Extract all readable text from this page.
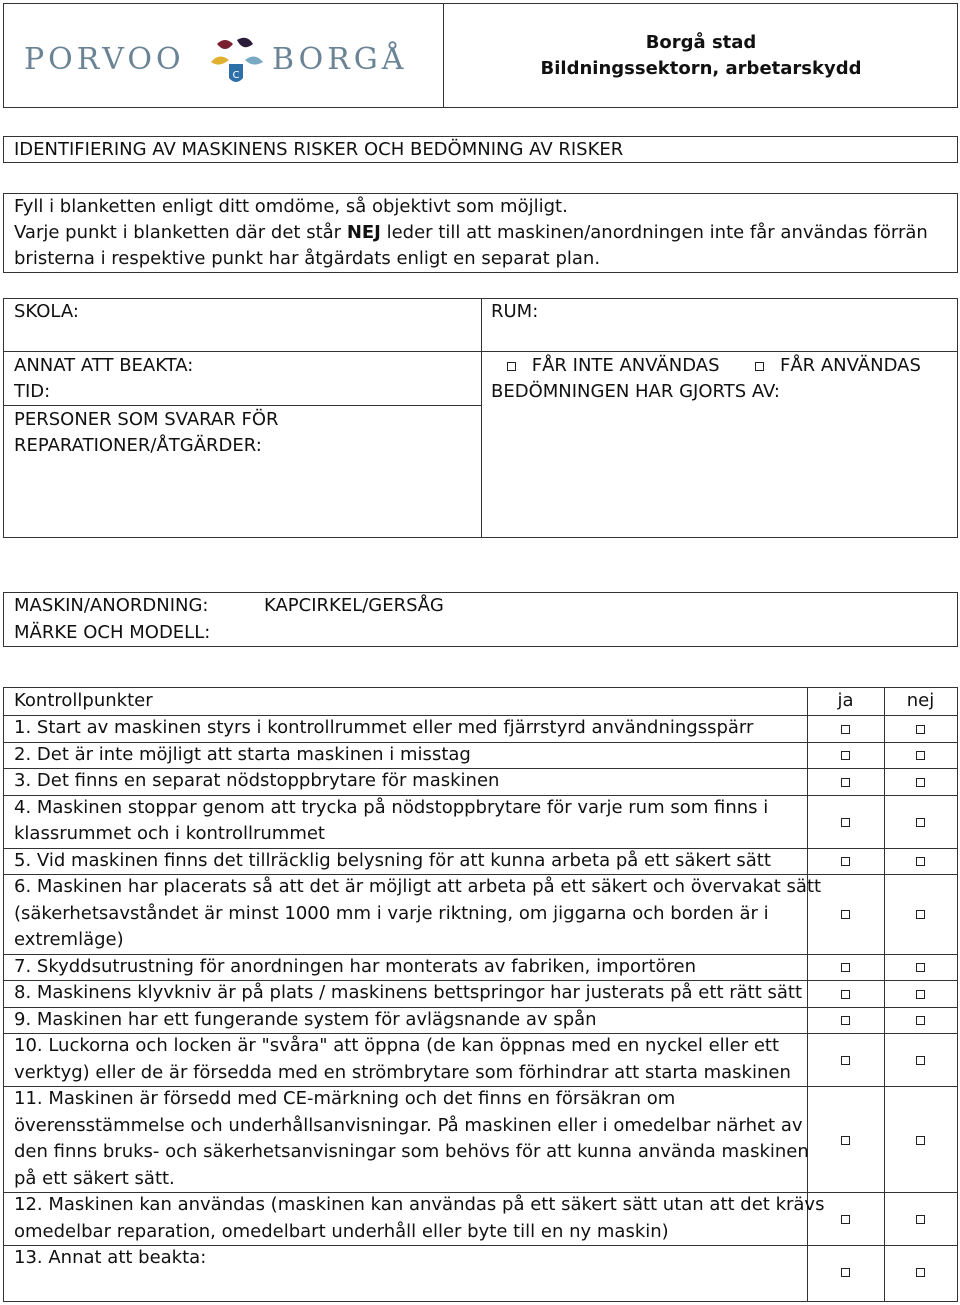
PORVOO	C BORGÅ	Borgå stad
Bildningssektorn, arbetarskydd
IDENTIFIERING AV MASKINENS RISKER OCH BEDÖMNING AV RISKER
Fyll i blanketten enligt ditt omdöme, så objektivt som möjligt.
Varje punkt i blanketten där det står NEJ leder till att maskinen/anordningen inte får användas förrän
bristerna i respektive punkt har åtgärdats enligt en separat plan.
SKOLA:	RUM:
ANNAT ATT BEAKTA:
TID:
PERSONER SOM SVARAR FÖR
REPARATIONER/ÅTGÄRDER:
FÅR INTE ANVÄNDAS	FÅR ANVÄNDAS
BEDÖMNINGEN HAR GJORTS AV:
MASKIN/ANORDNING:	KAPCIRKEL/GERSÅG
MÄRKE OCH MODELL:
Kontrollpunkter	ja	nej
1. Start av maskinen styrs i kontrollrummet eller med fjärrstyrd användningsspärr
2. Det är inte möjligt att starta maskinen i misstag
3. Det finns en separat nödstoppbrytare för maskinen
4. Maskinen stoppar genom att trycka på nödstoppbrytare för varje rum som finns i
klassrummet och i kontrollrummet
5. Vid maskinen finns det tillräcklig belysning för att kunna arbeta på ett säkert sätt
6. Maskinen har placerats så att det är möjligt att arbeta på ett säkert och övervakat sätt
(säkerhetsavståndet är minst 1000 mm i varje riktning, om jiggarna och borden är i
extremläge)
7. Skyddsutrustning för anordningen har monterats av fabriken, importören
8. Maskinens klyvkniv är på plats / maskinens bettspringor har justerats på ett rätt sätt
9. Maskinen har ett fungerande system för avlägsnande av spån
10. Luckorna och locken är "svåra" att öppna (de kan öppnas med en nyckel eller ett
verktyg) eller de är försedda med en strömbrytare som förhindrar att starta maskinen
11. Maskinen är försedd med CE-märkning och det finns en försäkran om
överensstämmelse och underhållsanvisningar. På maskinen eller i omedelbar närhet av
den finns bruks- och säkerhetsanvisningar som behövs för att kunna använda maskinen
på ett säkert sätt.
12. Maskinen kan användas (maskinen kan användas på ett säkert sätt utan att det krävs
omedelbar reparation, omedelbart underhåll eller byte till en ny maskin)
13. Annat att beakta:
